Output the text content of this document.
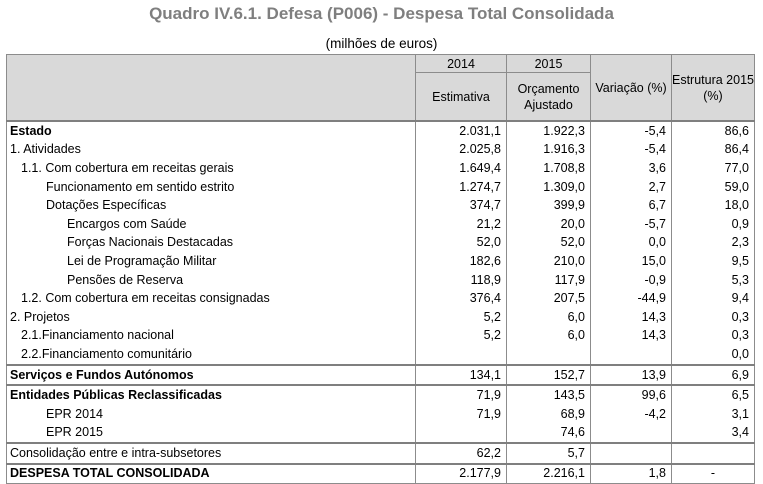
Quadro IV.6.1. Defesa (P006) - Despesa Total Consolidada
(milhões de euros)
	2014	2015	Variação (%)	Estrutura 2015 (%)
	Estimativa	Orçamento Ajustado		
Estado	2.031,1	1.922,3	-5,4	86,6
1. Atividades	2.025,8	1.916,3	-5,4	86,4
1.1. Com cobertura em receitas gerais	1.649,4	1.708,8	3,6	77,0
Funcionamento em sentido estrito	1.274,7	1.309,0	2,7	59,0
Dotações Específicas	374,7	399,9	6,7	18,0
Encargos com Saúde	21,2	20,0	-5,7	0,9
Forças Nacionais Destacadas	52,0	52,0	0,0	2,3
Lei de Programação Militar	182,6	210,0	15,0	9,5
Pensões de Reserva	118,9	117,9	-0,9	5,3
1.2. Com cobertura em receitas consignadas	376,4	207,5	-44,9	9,4
2. Projetos	5,2	6,0	14,3	0,3
2.1.Financiamento nacional	5,2	6,0	14,3	0,3
2.2.Financiamento comunitário				0,0
Serviços e Fundos Autónomos	134,1	152,7	13,9	6,9
Entidades Públicas Reclassificadas	71,9	143,5	99,6	6,5
EPR 2014	71,9	68,9	-4,2	3,1
EPR 2015		74,6		3,4
Consolidação entre e intra-subsetores	62,2	5,7		
DESPESA TOTAL CONSOLIDADA	2.177,9	2.216,1	1,8	-
